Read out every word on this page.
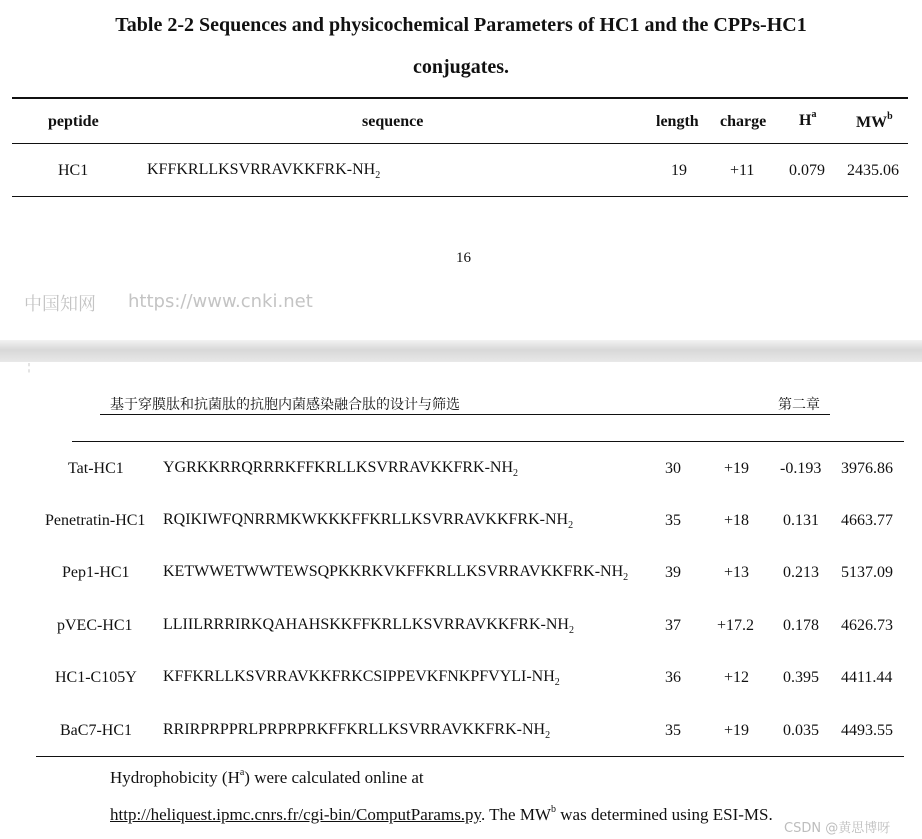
Table 2-2 Sequences and physicochemical Parameters of HC1 and the CPPs-HC1
conjugates.
peptide	sequence	length charge $H^a$ $MW^b$
HC1	KFFKRLLKSVRRAVKKFRK-$NH_2$	19	+11 0.079 2435.06
16
中国知网 https://www.cnki.net
¦
基于穿膜肽和抗菌肽的抗胞内菌感染融合肽的设计与筛选	第二章
Tat-HC1 YGRKKRRQRRRKFFKRLLKSVRRAVKKFRK-$NH_2$	30	+19 -0.193 3976.86
Penetratin-HC1 RQIKIWFQNRRMKWKKKFFKRLLKSVRRAVKKFRK-$NH_2$	35	+18 0.131 4663.77
Pep1-HC1 KETWWETWWTEWSQPKKRKVKFFKRLLKSVRRAVKKFRK-$NH_2$ 39	+13 0.213 5137.09
pVEC-HC1 LLIILRRRIRKQAHAHSKKFFKRLLKSVRRAVKKFRK-$NH_2$	37 +17.2 0.178 4626.73
HC1-C105Y KFFKRLLKSVRRAVKKFRKCSIPPEVKFNKPFVYLI-$NH_2$	36	+12 0.395 4411.44
BaC7-HC1 RRIRPRPPRLPRPRPRKFFKRLLKSVRRAVKKFRK-$NH_2$	35	+19 0.035 4493.55
Hydrophobicity $(H^a)$ were calculated online at
http://heliquest.ipmc.cnrs.fr/cgi-bin/ComputParams.py. The $MW^b$ was determined using ESI-MS.
CSDN @黄思博呀
